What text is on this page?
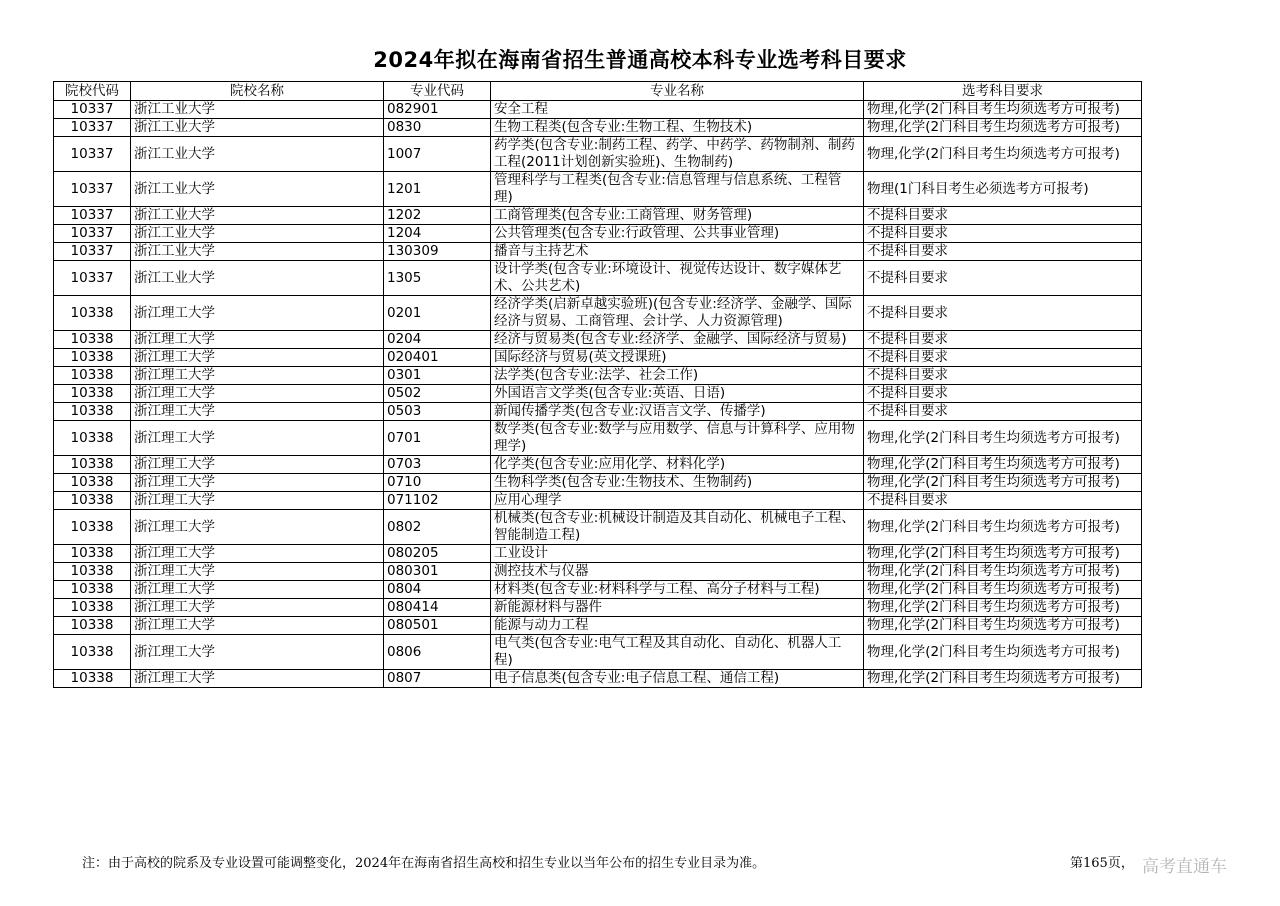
2024年拟在海南省招生普通高校本科专业选考科目要求
院校代码	院校名称	专业代码	专业名称	选考科目要求
10337	浙江工业大学	082901	安全工程	物理,化学(2门科目考生均须选考方可报考)
10337	浙江工业大学	0830	生物工程类(包含专业:生物工程、生物技术)	物理,化学(2门科目考生均须选考方可报考)
10337	浙江工业大学	1007	药学类(包含专业:制药工程、药学、中药学、药物制剂、制药工程(2011计划创新实验班)、生物制药)	物理,化学(2门科目考生均须选考方可报考)
10337	浙江工业大学	1201	管理科学与工程类(包含专业:信息管理与信息系统、工程管理)	物理(1门科目考生必须选考方可报考)
10337	浙江工业大学	1202	工商管理类(包含专业:工商管理、财务管理)	不提科目要求
10337	浙江工业大学	1204	公共管理类(包含专业:行政管理、公共事业管理)	不提科目要求
10337	浙江工业大学	130309	播音与主持艺术	不提科目要求
10337	浙江工业大学	1305	设计学类(包含专业:环境设计、视觉传达设计、数字媒体艺术、公共艺术)	不提科目要求
10338	浙江理工大学	0201	经济学类(启新卓越实验班)(包含专业:经济学、金融学、国际经济与贸易、工商管理、会计学、人力资源管理)	不提科目要求
10338	浙江理工大学	0204	经济与贸易类(包含专业:经济学、金融学、国际经济与贸易)	不提科目要求
10338	浙江理工大学	020401	国际经济与贸易(英文授课班)	不提科目要求
10338	浙江理工大学	0301	法学类(包含专业:法学、社会工作)	不提科目要求
10338	浙江理工大学	0502	外国语言文学类(包含专业:英语、日语)	不提科目要求
10338	浙江理工大学	0503	新闻传播学类(包含专业:汉语言文学、传播学)	不提科目要求
10338	浙江理工大学	0701	数学类(包含专业:数学与应用数学、信息与计算科学、应用物理学)	物理,化学(2门科目考生均须选考方可报考)
10338	浙江理工大学	0703	化学类(包含专业:应用化学、材料化学)	物理,化学(2门科目考生均须选考方可报考)
10338	浙江理工大学	0710	生物科学类(包含专业:生物技术、生物制药)	物理,化学(2门科目考生均须选考方可报考)
10338	浙江理工大学	071102	应用心理学	不提科目要求
10338	浙江理工大学	0802	机械类(包含专业:机械设计制造及其自动化、机械电子工程、智能制造工程)	物理,化学(2门科目考生均须选考方可报考)
10338	浙江理工大学	080205	工业设计	物理,化学(2门科目考生均须选考方可报考)
10338	浙江理工大学	080301	测控技术与仪器	物理,化学(2门科目考生均须选考方可报考)
10338	浙江理工大学	0804	材料类(包含专业:材料科学与工程、高分子材料与工程)	物理,化学(2门科目考生均须选考方可报考)
10338	浙江理工大学	080414	新能源材料与器件	物理,化学(2门科目考生均须选考方可报考)
10338	浙江理工大学	080501	能源与动力工程	物理,化学(2门科目考生均须选考方可报考)
10338	浙江理工大学	0806	电气类(包含专业:电气工程及其自动化、自动化、机器人工程)	物理,化学(2门科目考生均须选考方可报考)
10338	浙江理工大学	0807	电子信息类(包含专业:电子信息工程、通信工程)	物理,化学(2门科目考生均须选考方可报考)
注：由于高校的院系及专业设置可能调整变化，2024年在海南省招生高校和招生专业以当年公布的招生专业目录为准。	第165页， 高考直通车
